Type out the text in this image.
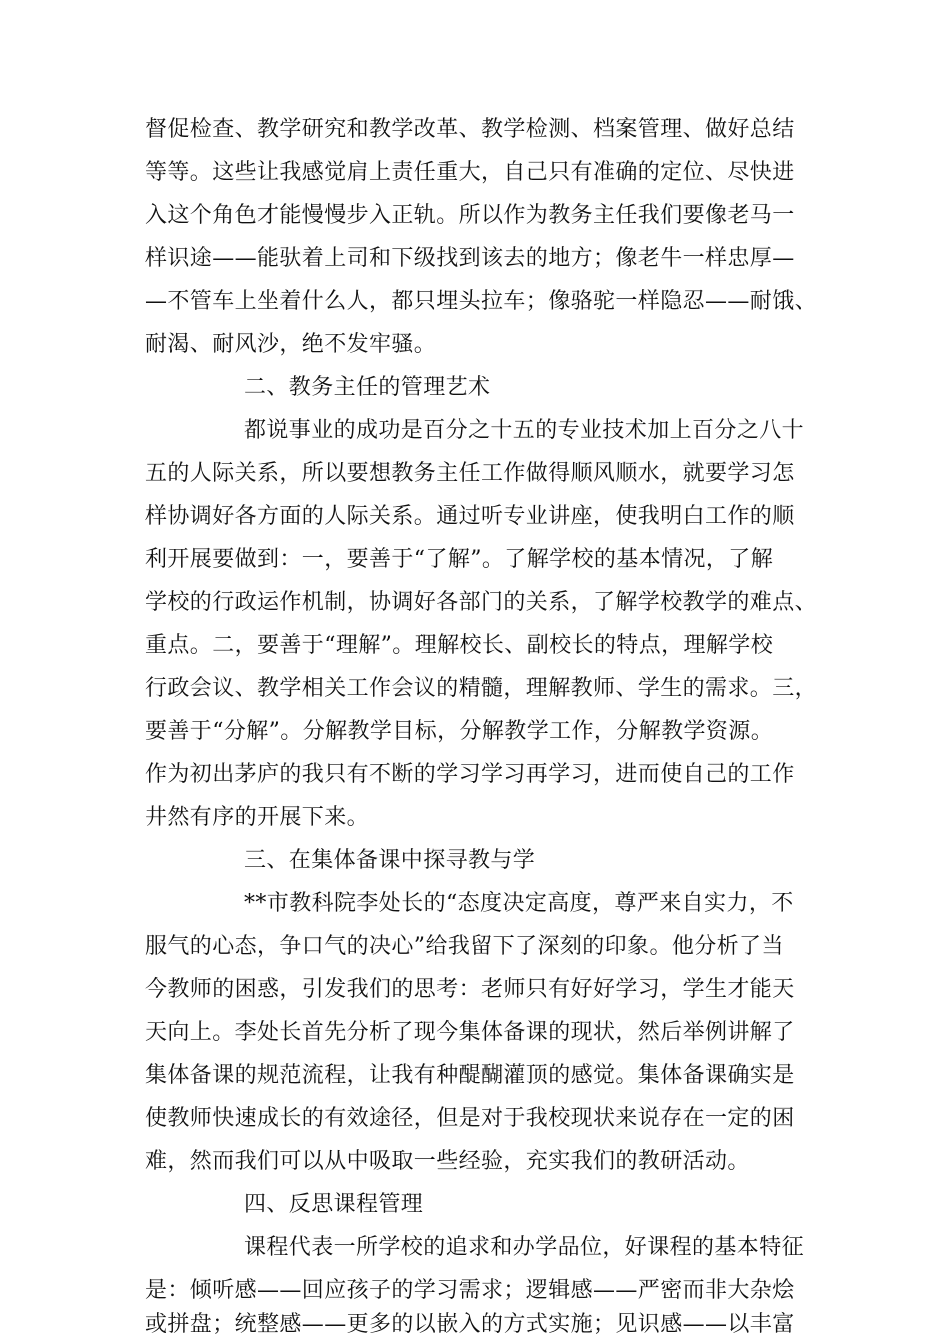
督促检查、教学研究和教学改革、教学检测、档案管理、做好总结
等等。这些让我感觉肩上责任重大，自己只有准确的定位、尽快进
入这个角色才能慢慢步入正轨。所以作为教务主任我们要像老马一
样识途——能驮着上司和下级找到该去的地方；像老牛一样忠厚—
—不管车上坐着什么人，都只埋头拉车；像骆驼一样隐忍——耐饿、
耐渴、耐风沙，绝不发牢骚。
二、教务主任的管理艺术
都说事业的成功是百分之十五的专业技术加上百分之八十
五的人际关系，所以要想教务主任工作做得顺风顺水，就要学习怎
样协调好各方面的人际关系。通过听专业讲座，使我明白工作的顺
利开展要做到：一，要善于“了解”。了解学校的基本情况，了解
学校的行政运作机制，协调好各部门的关系，了解学校教学的难点、
重点。二，要善于“理解”。理解校长、副校长的特点，理解学校
行政会议、教学相关工作会议的精髓，理解教师、学生的需求。三，
要善于“分解”。分解教学目标，分解教学工作，分解教学资源。
作为初出茅庐的我只有不断的学习学习再学习，进而使自己的工作
井然有序的开展下来。
三、在集体备课中探寻教与学
**市教科院李处长的“态度决定高度，尊严来自实力，不
服气的心态，争口气的决心”给我留下了深刻的印象。他分析了当
今教师的困惑，引发我们的思考：老师只有好好学习，学生才能天
天向上。李处长首先分析了现今集体备课的现状，然后举例讲解了
集体备课的规范流程，让我有种醍醐灌顶的感觉。集体备课确实是
使教师快速成长的有效途径，但是对于我校现状来说存在一定的困
难，然而我们可以从中吸取一些经验，充实我们的教研活动。
四、反思课程管理
课程代表一所学校的追求和办学品位，好课程的基本特征
是：倾听感——回应孩子的学习需求；逻辑感——严密而非大杂烩
或拼盘；统整感——更多的以嵌入的方式实施；见识感——以丰富
